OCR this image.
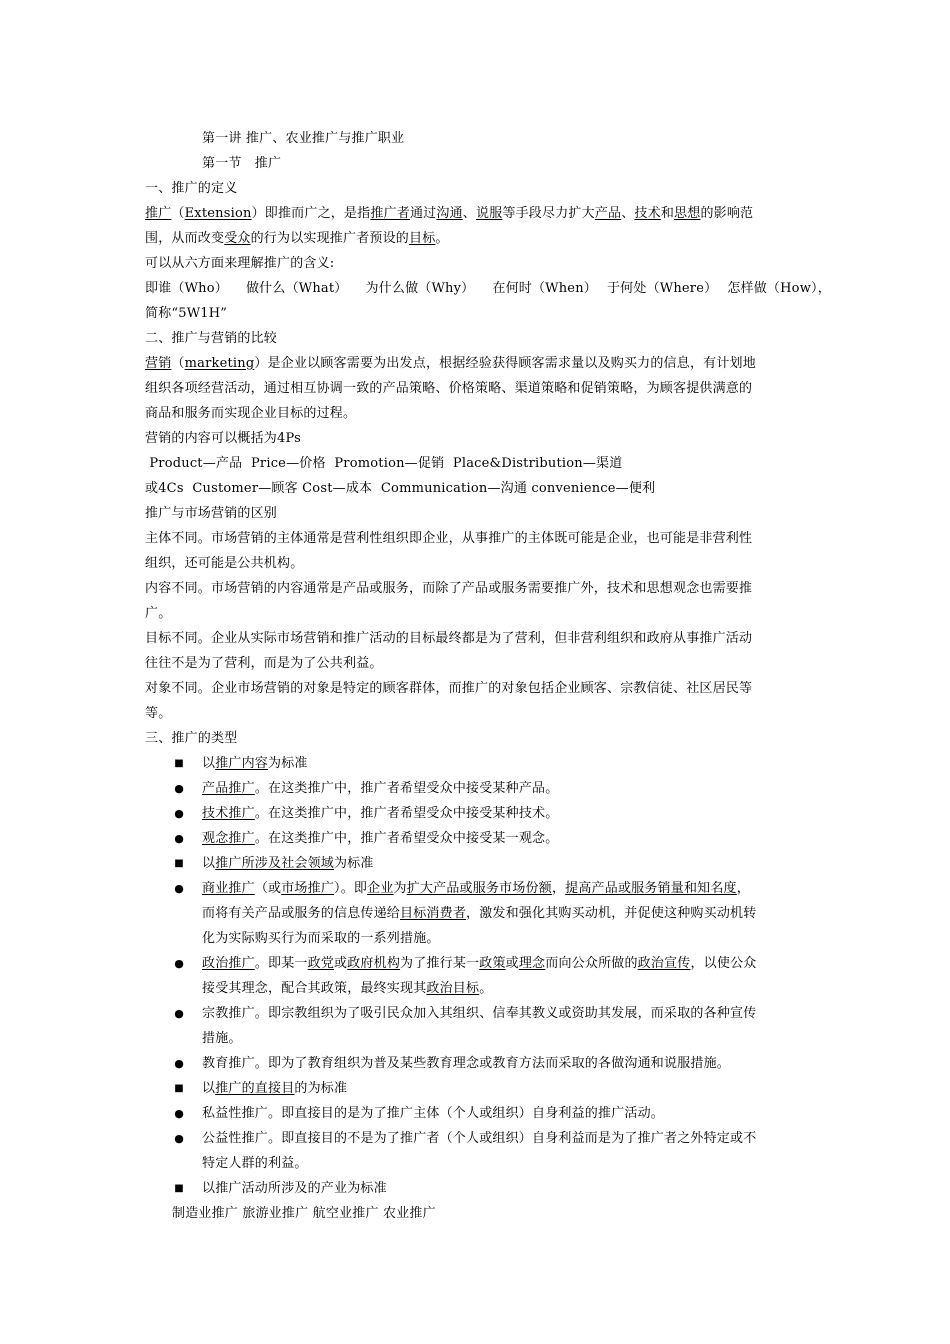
第一讲 推广、农业推广与推广职业
第一节　推广
一、推广的定义
推广（Extension）即推而广之，是指推广者通过沟通、说服等手段尽力扩大产品、技术和思想的影响范
围，从而改变受众的行为以实现推广者预设的目标。
可以从六方面来理解推广的含义:
即谁（Who） 做什么（What） 为什么做（Why） 在何时（When） 于何处（Where） 怎样做（How），
简称“5W1H”
二、推广与营销的比较
营销（marketing）是企业以顾客需要为出发点，根据经验获得顾客需求量以及购买力的信息，有计划地
组织各项经营活动，通过相互协调一致的产品策略、价格策略、渠道策略和促销策略，为顾客提供满意的
商品和服务而实现企业目标的过程。
营销的内容可以概括为4Ps
Product—产品  Price—价格  Promotion—促销  Place&Distribution—渠道
或4Cs  Customer—顾客 Cost—成本  Communication—沟通 convenience—便利
推广与市场营销的区别
主体不同。市场营销的主体通常是营利性组织即企业，从事推广的主体既可能是企业，也可能是非营利性
组织，还可能是公共机构。
内容不同。市场营销的内容通常是产品或服务，而除了产品或服务需要推广外，技术和思想观念也需要推
广。
目标不同。企业从实际市场营销和推广活动的目标最终都是为了营利，但非营利组织和政府从事推广活动
往往不是为了营利，而是为了公共利益。
对象不同。企业市场营销的对象是特定的顾客群体，而推广的对象包括企业顾客、宗教信徒、社区居民等
等。
三、推广的类型
■ 以推广内容为标准
● 产品推广。在这类推广中，推广者希望受众中接受某种产品。
● 技术推广。在这类推广中，推广者希望受众中接受某种技术。
● 观念推广。在这类推广中，推广者希望受众中接受某一观念。
■ 以推广所涉及社会领域为标准
● 商业推广（或市场推广）。即企业为扩大产品或服务市场份额，提高产品或服务销量和知名度，
而将有关产品或服务的信息传递给目标消费者，激发和强化其购买动机，并促使这种购买动机转
化为实际购买行为而采取的一系列措施。
● 政治推广。即某一政党或政府机构为了推行某一政策或理念而向公众所做的政治宣传，以使公众
接受其理念，配合其政策，最终实现其政治目标。
● 宗教推广。即宗教组织为了吸引民众加入其组织、信奉其教义或资助其发展，而采取的各种宣传
措施。
● 教育推广。即为了教育组织为普及某些教育理念或教育方法而采取的各做沟通和说服措施。
■ 以推广的直接目的为标准
● 私益性推广。即直接目的是为了推广主体（个人或组织）自身利益的推广活动。
● 公益性推广。即直接目的不是为了推广者（个人或组织）自身利益而是为了推广者之外特定或不
特定人群的利益。
■ 以推广活动所涉及的产业为标准
制造业推广 旅游业推广 航空业推广 农业推广
